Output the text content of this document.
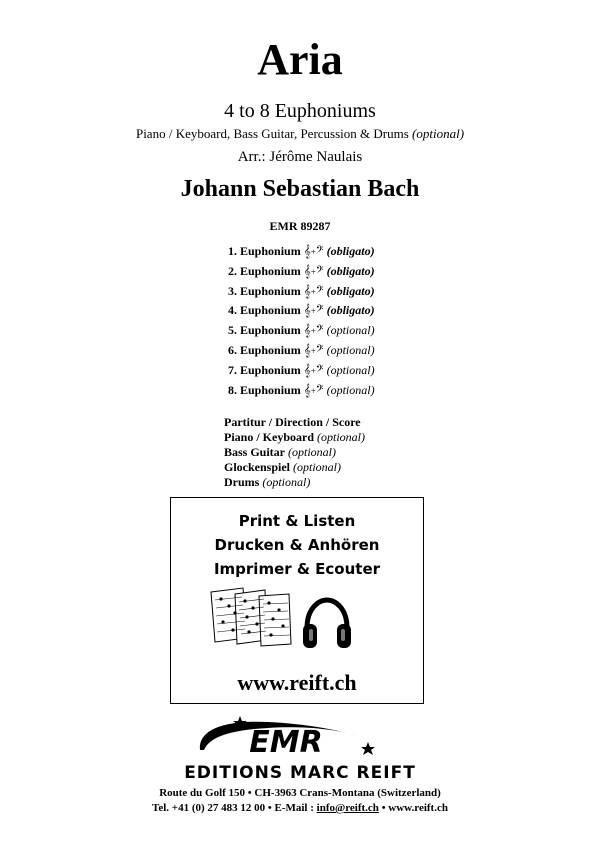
Aria
4 to 8 Euphoniums
Piano / Keyboard, Bass Guitar, Percussion & Drums (optional)
Arr.: Jérôme Naulais
Johann Sebastian Bach
EMR 89287
1. Euphonium 𝄞+𝄢 (obligato)
2. Euphonium 𝄞+𝄢 (obligato)
3. Euphonium 𝄞+𝄢 (obligato)
4. Euphonium 𝄞+𝄢 (obligato)
5. Euphonium 𝄞+𝄢 (optional)
6. Euphonium 𝄞+𝄢 (optional)
7. Euphonium 𝄞+𝄢 (optional)
8. Euphonium 𝄞+𝄢 (optional)
Partitur / Direction / Score
Piano / Keyboard (optional)
Bass Guitar (optional)
Glockenspiel (optional)
Drums (optional)
Print & Listen
Drucken & Anhören
Imprimer & Ecouter
www.reift.ch
EMR
EDITIONS MARC REIFT
Route du Golf 150 • CH-3963 Crans-Montana (Switzerland)
Tel. +41 (0) 27 483 12 00 • E-Mail : info@reift.ch • www.reift.ch
